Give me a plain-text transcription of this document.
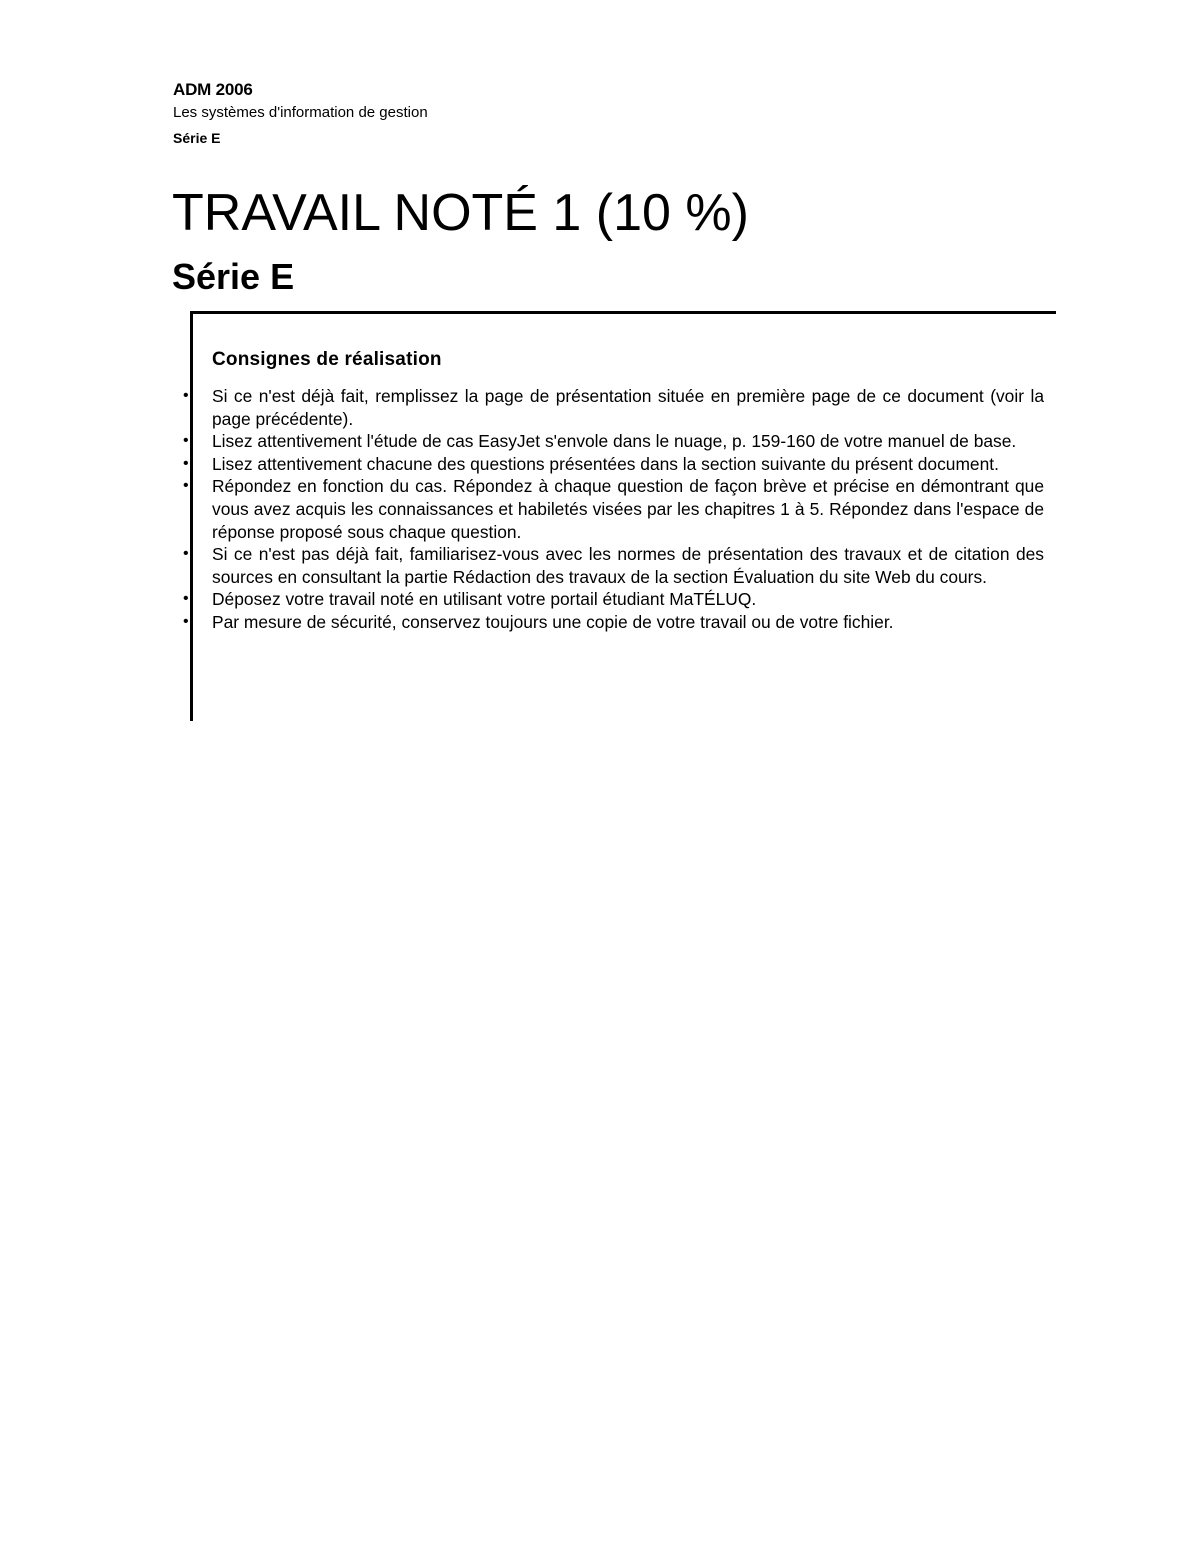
ADM 2006
Les systèmes d'information de gestion
Série E
TRAVAIL NOTÉ 1 (10 %)
Série E
Consignes de réalisation
• Si ce n'est déjà fait, remplissez la page de présentation située en première page de ce document (voir la page précédente).
• Lisez attentivement l'étude de cas EasyJet s'envole dans le nuage, p. 159-160 de votre manuel de base.
• Lisez attentivement chacune des questions présentées dans la section suivante du présent document.
• Répondez en fonction du cas. Répondez à chaque question de façon brève et précise en démontrant que vous avez acquis les connaissances et habiletés visées par les chapitres 1 à 5. Répondez dans l'espace de réponse proposé sous chaque question.
• Si ce n'est pas déjà fait, familiarisez-vous avec les normes de présentation des travaux et de citation des sources en consultant la partie Rédaction des travaux de la section Évaluation du site Web du cours.
• Déposez votre travail noté en utilisant votre portail étudiant MaTÉLUQ.
• Par mesure de sécurité, conservez toujours une copie de votre travail ou de votre fichier.
